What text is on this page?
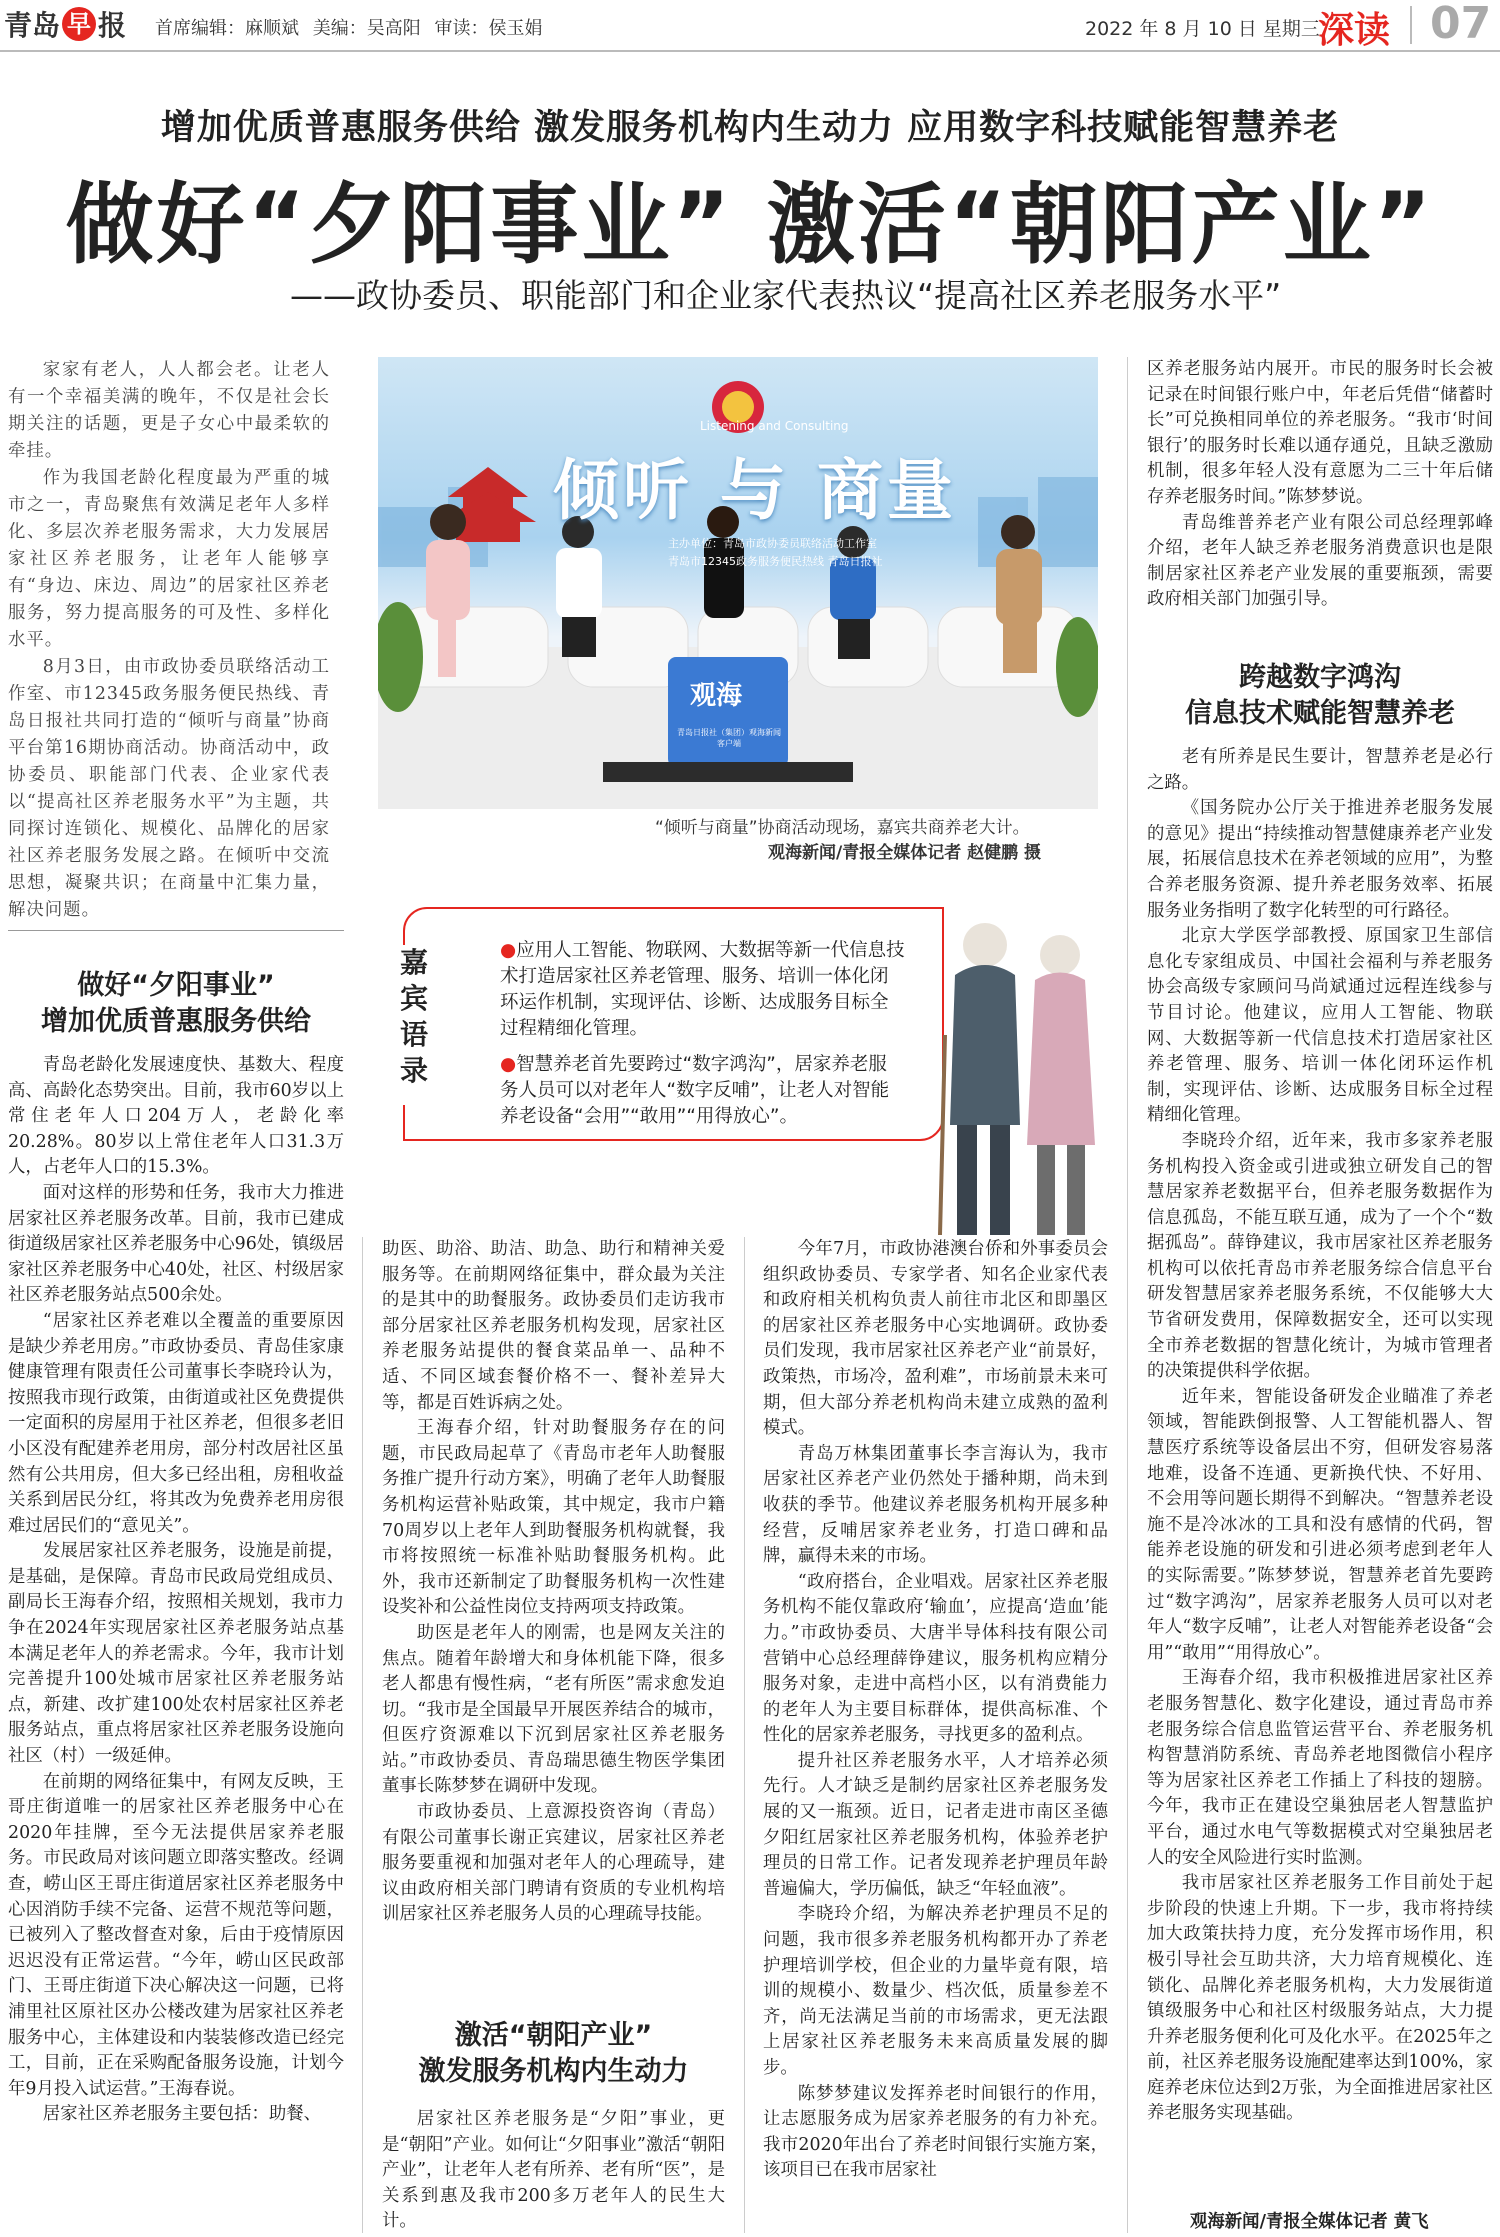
青岛 早 报 首席编辑：麻顺斌 美编：吴高阳 审读：侯玉娟	2022 年 8 月 10 日 星期三
深读 07
增加优质普惠服务供给 激发服务机构内生动力 应用数字科技赋能智慧养老
做好“夕阳事业” 激活“朝阳产业”
——政协委员、职能部门和企业家代表热议“提高社区养老服务水平”

家家有老人，人人都会老。让老人有一个幸福美满的晚年，不仅是社会长期关注的话题，更是子女心中最柔软的牵挂。

作为我国老龄化程度最为严重的城市之一，青岛聚焦有效满足老年人多样化、多层次养老服务需求，大力发展居家社区养老服务，让老年人能够享有“身边、床边、周边”的居家社区养老服务，努力提高服务的可及性、多样化水平。

8月3日，由市政协委员联络活动工作室、市12345政务服务便民热线、青岛日报社共同打造的“倾听与商量”协商平台第16期协商活动。协商活动中，政协委员、职能部门代表、企业家代表以“提高社区养老服务水平”为主题，共同探讨连锁化、规模化、品牌化的居家社区养老服务发展之路。在倾听中交流思想，凝聚共识；在商量中汇集力量，解决问题。

倾听 与 商量
Listening and Consulting
主办单位：青岛市政协委员联络活动工作室
青岛市12345政务服务便民热线 青岛日报社
观海
青岛日报社（集团）观海新闻客户端
“倾听与商量”协商活动现场，嘉宾共商养老大计。
观海新闻/青报全媒体记者 赵健鹏 摄
嘉
宾
语
录
●应用人工智能、物联网、大数据等新一代信息技术打造居家社区养老管理、服务、培训一体化闭环运作机制，实现评估、诊断、达成服务目标全过程精细化管理。
●智慧养老首先要跨过“数字鸿沟”，居家养老服务人员可以对老年人“数字反哺”，让老人对智能养老设备“会用”“敢用”“用得放心”。
做好“夕阳事业”
增加优质普惠服务供给

青岛老龄化发展速度快、基数大、程度高、高龄化态势突出。目前，我市60岁以上常住老年人口204万人，老龄化率20.28%。80岁以上常住老年人口31.3万人，占老年人口的15.3%。

面对这样的形势和任务，我市大力推进居家社区养老服务改革。目前，我市已建成街道级居家社区养老服务中心96处，镇级居家社区养老服务中心40处，社区、村级居家社区养老服务站点500余处。

“居家社区养老难以全覆盖的重要原因是缺少养老用房。”市政协委员、青岛佳家康健康管理有限责任公司董事长李晓玲认为，按照我市现行政策，由街道或社区免费提供一定面积的房屋用于社区养老，但很多老旧小区没有配建养老用房，部分村改居社区虽然有公共用房，但大多已经出租，房租收益关系到居民分红，将其改为免费养老用房很难过居民们的“意见关”。

发展居家社区养老服务，设施是前提，是基础，是保障。青岛市民政局党组成员、副局长王海春介绍，按照相关规划，我市力争在2024年实现居家社区养老服务站点基本满足老年人的养老需求。今年，我市计划完善提升100处城市居家社区养老服务站点，新建、改扩建100处农村居家社区养老服务站点，重点将居家社区养老服务设施向社区（村）一级延伸。

在前期的网络征集中，有网友反映，王哥庄街道唯一的居家社区养老服务中心在2020年挂牌，至今无法提供居家养老服务。市民政局对该问题立即落实整改。经调查，崂山区王哥庄街道居家社区养老服务中心因消防手续不完备、运营不规范等问题，已被列入了整改督查对象，后由于疫情原因迟迟没有正常运营。“今年，崂山区民政部门、王哥庄街道下决心解决这一问题，已将浦里社区原社区办公楼改建为居家社区养老服务中心，主体建设和内装装修改造已经完工，目前，正在采购配备服务设施，计划今年9月投入试运营。”王海春说。

居家社区养老服务主要包括：助餐、

助医、助浴、助洁、助急、助行和精神关爱服务等。在前期网络征集中，群众最为关注的是其中的助餐服务。政协委员们走访我市部分居家社区养老服务机构发现，居家社区养老服务站提供的餐食菜品单一、品种不适、不同区域套餐价格不一、餐补差异大等，都是百姓诉病之处。

王海春介绍，针对助餐服务存在的问题，市民政局起草了《青岛市老年人助餐服务推广提升行动方案》，明确了老年人助餐服务机构运营补贴政策，其中规定，我市户籍70周岁以上老年人到助餐服务机构就餐，我市将按照统一标准补贴助餐服务机构。此外，我市还新制定了助餐服务机构一次性建设奖补和公益性岗位支持两项支持政策。

助医是老年人的刚需，也是网友关注的焦点。随着年龄增大和身体机能下降，很多老人都患有慢性病，“老有所医”需求愈发迫切。“我市是全国最早开展医养结合的城市，但医疗资源难以下沉到居家社区养老服务站。”市政协委员、青岛瑞思德生物医学集团董事长陈梦梦在调研中发现。

市政协委员、上意源投资咨询（青岛）有限公司董事长谢正宾建议，居家社区养老服务要重视和加强对老年人的心理疏导，建议由政府相关部门聘请有资质的专业机构培训居家社区养老服务人员的心理疏导技能。

激活“朝阳产业”
激发服务机构内生动力

居家社区养老服务是“夕阳”事业，更是“朝阳”产业。如何让“夕阳事业”激活“朝阳产业”，让老年人老有所养、老有所“医”，是关系到惠及我市200多万老年人的民生大计。

今年7月，市政协港澳台侨和外事委员会组织政协委员、专家学者、知名企业家代表和政府相关机构负责人前往市北区和即墨区的居家社区养老服务中心实地调研。政协委员们发现，我市居家社区养老产业“前景好，政策热，市场冷，盈利难”，市场前景未来可期，但大部分养老机构尚未建立成熟的盈利模式。

青岛万林集团董事长李言海认为，我市居家社区养老产业仍然处于播种期，尚未到收获的季节。他建议养老服务机构开展多种经营，反哺居家养老业务，打造口碑和品牌，赢得未来的市场。

“政府搭台，企业唱戏。居家社区养老服务机构不能仅靠政府‘输血’，应提高‘造血’能力。”市政协委员、大唐半导体科技有限公司营销中心总经理薛铮建议，服务机构应精分服务对象，走进中高档小区，以有消费能力的老年人为主要目标群体，提供高标准、个性化的居家养老服务，寻找更多的盈利点。

提升社区养老服务水平，人才培养必须先行。人才缺乏是制约居家社区养老服务发展的又一瓶颈。近日，记者走进市南区圣德夕阳红居家社区养老服务机构，体验养老护理员的日常工作。记者发现养老护理员年龄普遍偏大，学历偏低，缺乏“年轻血液”。

李晓玲介绍，为解决养老护理员不足的问题，我市很多养老服务机构都开办了养老护理培训学校，但企业的力量毕竟有限，培训的规模小、数量少、档次低，质量参差不齐，尚无法满足当前的市场需求，更无法跟上居家社区养老服务未来高质量发展的脚步。

陈梦梦建议发挥养老时间银行的作用，让志愿服务成为居家养老服务的有力补充。我市2020年出台了养老时间银行实施方案，该项目已在我市居家社

区养老服务站内展开。市民的服务时长会被记录在时间银行账户中，年老后凭借“储蓄时长”可兑换相同单位的养老服务。“我市‘时间银行’的服务时长难以通存通兑，且缺乏激励机制，很多年轻人没有意愿为二三十年后储存养老服务时间。”陈梦梦说。

青岛维普养老产业有限公司总经理郭峰介绍，老年人缺乏养老服务消费意识也是限制居家社区养老产业发展的重要瓶颈，需要政府相关部门加强引导。

跨越数字鸿沟
信息技术赋能智慧养老

老有所养是民生要计，智慧养老是必行之路。

《国务院办公厅关于推进养老服务发展的意见》提出“持续推动智慧健康养老产业发展，拓展信息技术在养老领域的应用”，为整合养老服务资源、提升养老服务效率、拓展服务业务指明了数字化转型的可行路径。

北京大学医学部教授、原国家卫生部信息化专家组成员、中国社会福利与养老服务协会高级专家顾问马尚斌通过远程连线参与节目讨论。他建议，应用人工智能、物联网、大数据等新一代信息技术打造居家社区养老管理、服务、培训一体化闭环运作机制，实现评估、诊断、达成服务目标全过程精细化管理。

李晓玲介绍，近年来，我市多家养老服务机构投入资金或引进或独立研发自己的智慧居家养老数据平台，但养老服务数据作为信息孤岛，不能互联互通，成为了一个个“数据孤岛”。薛铮建议，我市居家社区养老服务机构可以依托青岛市养老服务综合信息平台研发智慧居家养老服务系统，不仅能够大大节省研发费用，保障数据安全，还可以实现全市养老数据的智慧化统计，为城市管理者的决策提供科学依据。

近年来，智能设备研发企业瞄准了养老领域，智能跌倒报警、人工智能机器人、智慧医疗系统等设备层出不穷，但研发容易落地难，设备不连通、更新换代快、不好用、不会用等问题长期得不到解决。“智慧养老设施不是冷冰冰的工具和没有感情的代码，智能养老设施的研发和引进必须考虑到老年人的实际需要。”陈梦梦说，智慧养老首先要跨过“数字鸿沟”，居家养老服务人员可以对老年人“数字反哺”，让老人对智能养老设备“会用”“敢用”“用得放心”。

王海春介绍，我市积极推进居家社区养老服务智慧化、数字化建设，通过青岛市养老服务综合信息监管运营平台、养老服务机构智慧消防系统、青岛养老地图微信小程序等为居家社区养老工作插上了科技的翅膀。今年，我市正在建设空巢独居老人智慧监护平台，通过水电气等数据模式对空巢独居老人的安全风险进行实时监测。

我市居家社区养老服务工作目前处于起步阶段的快速上升期。下一步，我市将持续加大政策扶持力度，充分发挥市场作用，积极引导社会互助共济，大力培育规模化、连锁化、品牌化养老服务机构，大力发展街道镇级服务中心和社区村级服务站点，大力提升养老服务便利化可及化水平。在2025年之前，社区养老服务设施配建率达到100%，家庭养老床位达到2万张，为全面推进居家社区养老服务实现基础。

观海新闻/青报全媒体记者 黄飞
